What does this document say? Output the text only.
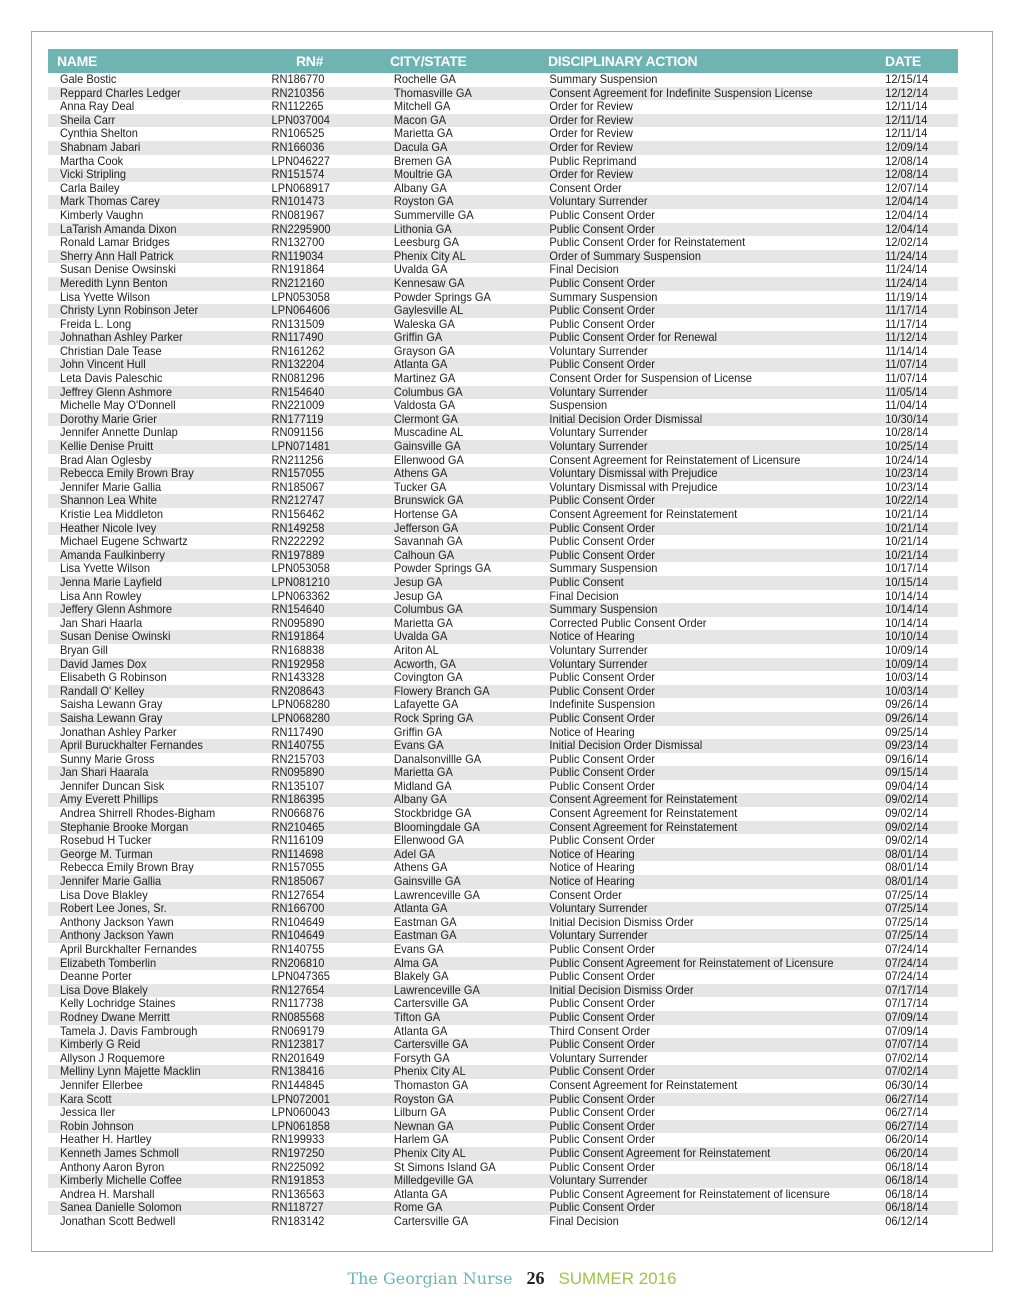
NAME	RN#	CITY/STATE	DISCIPLINARY ACTION	DATE
Gale Bostic	RN186770	Rochelle GA	Summary Suspension	12/15/14
Reppard Charles Ledger	RN210356	Thomasville GA	Consent Agreement for Indefinite Suspension License	12/12/14
Anna Ray Deal	RN112265	Mitchell GA	Order for Review	12/11/14
Sheila Carr	LPN037004	Macon GA	Order for Review	12/11/14
Cynthia Shelton	RN106525	Marietta GA	Order for Review	12/11/14
Shabnam Jabari	RN166036	Dacula GA	Order for Review	12/09/14
Martha Cook	LPN046227	Bremen GA	Public Reprimand	12/08/14
Vicki Stripling	RN151574	Moultrie GA	Order for Review	12/08/14
Carla Bailey	LPN068917	Albany GA	Consent Order	12/07/14
Mark Thomas Carey	RN101473	Royston GA	Voluntary Surrender	12/04/14
Kimberly Vaughn	RN081967	Summerville GA	Public Consent Order	12/04/14
LaTarish Amanda Dixon	RN2295900	Lithonia GA	Public Consent Order	12/04/14
Ronald Lamar Bridges	RN132700	Leesburg GA	Public Consent Order for Reinstatement	12/02/14
Sherry Ann Hall Patrick	RN119034	Phenix City AL	Order of Summary Suspension	11/24/14
Susan Denise Owsinski	RN191864	Uvalda GA	Final Decision	11/24/14
Meredith Lynn Benton	RN212160	Kennesaw GA	Public Consent Order	11/24/14
Lisa Yvette Wilson	LPN053058	Powder Springs GA	Summary Suspension	11/19/14
Christy Lynn Robinson Jeter	LPN064606	Gaylesville AL	Public Consent Order	11/17/14
Freida L. Long	RN131509	Waleska GA	Public Consent Order	11/17/14
Johnathan Ashley Parker	RN117490	Griffin GA	Public Consent Order for Renewal	11/12/14
Christian Dale Tease	RN161262	Grayson GA	Voluntary Surrender	11/14/14
John Vincent Hull	RN132204	Atlanta GA	Public Consent Order	11/07/14
Leta Davis Paleschic	RN081296	Martinez GA	Consent Order for Suspension of License	11/07/14
Jeffrey Glenn Ashmore	RN154640	Columbus GA	Voluntary Surrender	11/05/14
Michelle May O'Donnell	RN221009	Valdosta GA	Suspension	11/04/14
Dorothy Marie Grier	RN177119	Clermont GA	Initial Decision Order Dismissal	10/30/14
Jennifer Annette Dunlap	RN091156	Muscadine AL	Voluntary Surrender	10/28/14
Kellie Denise Pruitt	LPN071481	Gainsville GA	Voluntary Surrender	10/25/14
Brad Alan Oglesby	RN211256	Ellenwood GA	Consent Agreement for Reinstatement of Licensure	10/24/14
Rebecca Emily Brown Bray	RN157055	Athens GA	Voluntary Dismissal with Prejudice	10/23/14
Jennifer Marie Gallia	RN185067	Tucker GA	Voluntary Dismissal with Prejudice	10/23/14
Shannon Lea White	RN212747	Brunswick GA	Public Consent Order	10/22/14
Kristie Lea Middleton	RN156462	Hortense GA	Consent Agreement for Reinstatement	10/21/14
Heather Nicole Ivey	RN149258	Jefferson GA	Public Consent Order	10/21/14
Michael Eugene Schwartz	RN222292	Savannah GA	Public Consent Order	10/21/14
Amanda Faulkinberry	RN197889	Calhoun GA	Public Consent Order	10/21/14
Lisa Yvette Wilson	LPN053058	Powder Springs GA	Summary Suspension	10/17/14
Jenna Marie Layfield	LPN081210	Jesup GA	Public Consent	10/15/14
Lisa Ann Rowley	LPN063362	Jesup GA	Final Decision	10/14/14
Jeffery Glenn Ashmore	RN154640	Columbus GA	Summary Suspension	10/14/14
Jan Shari Haarla	RN095890	Marietta GA	Corrected Public Consent Order	10/14/14
Susan Denise Owinski	RN191864	Uvalda GA	Notice of Hearing	10/10/14
Bryan Gill	RN168838	Ariton AL	Voluntary Surrender	10/09/14
David James Dox	RN192958	Acworth, GA	Voluntary Surrender	10/09/14
Elisabeth G Robinson	RN143328	Covington GA	Public Consent Order	10/03/14
Randall O' Kelley	RN208643	Flowery Branch GA	Public Consent Order	10/03/14
Saisha Lewann Gray	LPN068280	Lafayette GA	Indefinite Suspension	09/26/14
Saisha Lewann Gray	LPN068280	Rock Spring GA	Public Consent Order	09/26/14
Jonathan Ashley Parker	RN117490	Griffin GA	Notice of Hearing	09/25/14
April Buruckhalter Fernandes	RN140755	Evans GA	Initial Decision Order Dismissal	09/23/14
Sunny Marie Gross	RN215703	Danalsonvillle GA	Public Consent Order	09/16/14
Jan Shari Haarala	RN095890	Marietta GA	Public Consent Order	09/15/14
Jennifer Duncan Sisk	RN135107	Midland GA	Public Consent Order	09/04/14
Amy Everett Phillips	RN186395	Albany GA	Consent Agreement for Reinstatement	09/02/14
Andrea Shirrell Rhodes-Bigham	RN066876	Stockbridge GA	Consent Agreement for Reinstatement	09/02/14
Stephanie Brooke Morgan	RN210465	Bloomingdale GA	Consent Agreement for Reinstatement	09/02/14
Rosebud H Tucker	RN116109	Ellenwood GA	Public Consent Order	09/02/14
George M. Turman	RN114698	Adel GA	Notice of Hearing	08/01/14
Rebecca Emily Brown Bray	RN157055	Athens GA	Notice of Hearing	08/01/14
Jennifer Marie Gallia	RN185067	Gainsville GA	Notice of Hearing	08/01/14
Lisa Dove Blakley	RN127654	Lawrenceville GA	Consent Order	07/25/14
Robert Lee Jones, Sr.	RN166700	Atlanta GA	Voluntary Surrender	07/25/14
Anthony Jackson Yawn	RN104649	Eastman GA	Initial Decision Dismiss Order	07/25/14
Anthony Jackson Yawn	RN104649	Eastman GA	Voluntary Surrender	07/25/14
April Burckhalter Fernandes	RN140755	Evans GA	Public Consent Order	07/24/14
Elizabeth Tomberlin	RN206810	Alma GA	Public Consent Agreement for Reinstatement of Licensure	07/24/14
Deanne Porter	LPN047365	Blakely GA	Public Consent Order	07/24/14
Lisa Dove Blakely	RN127654	Lawrenceville GA	Initial Decision Dismiss Order	07/17/14
Kelly Lochridge Staines	RN117738	Cartersville GA	Public Consent Order	07/17/14
Rodney Dwane Merritt	RN085568	Tifton GA	Public Consent Order	07/09/14
Tamela J. Davis Fambrough	RN069179	Atlanta GA	Third Consent Order	07/09/14
Kimberly G Reid	RN123817	Cartersville GA	Public Consent Order	07/07/14
Allyson J Roquemore	RN201649	Forsyth GA	Voluntary Surrender	07/02/14
Melliny Lynn Majette Macklin	RN138416	Phenix City AL	Public Consent Order	07/02/14
Jennifer Ellerbee	RN144845	Thomaston GA	Consent Agreement for Reinstatement	06/30/14
Kara Scott	LPN072001	Royston GA	Public Consent Order	06/27/14
Jessica Iler	LPN060043	Lilburn GA	Public Consent Order	06/27/14
Robin Johnson	LPN061858	Newnan GA	Public Consent Order	06/27/14
Heather H. Hartley	RN199933	Harlem GA	Public Consent Order	06/20/14
Kenneth James Schmoll	RN197250	Phenix City AL	Public Consent Agreement for Reinstatement	06/20/14
Anthony Aaron Byron	RN225092	St Simons Island GA	Public Consent Order	06/18/14
Kimberly Michelle Coffee	RN191853	Milledgeville GA	Voluntary Surrender	06/18/14
Andrea H. Marshall	RN136563	Atlanta GA	Public Consent Agreement for Reinstatement of licensure	06/18/14
Sanea Danielle Solomon	RN118727	Rome GA	Public Consent Order	06/18/14
Jonathan Scott Bedwell	RN183142	Cartersville GA	Final Decision	06/12/14
The Georgian Nurse 26 SUMMER 2016
